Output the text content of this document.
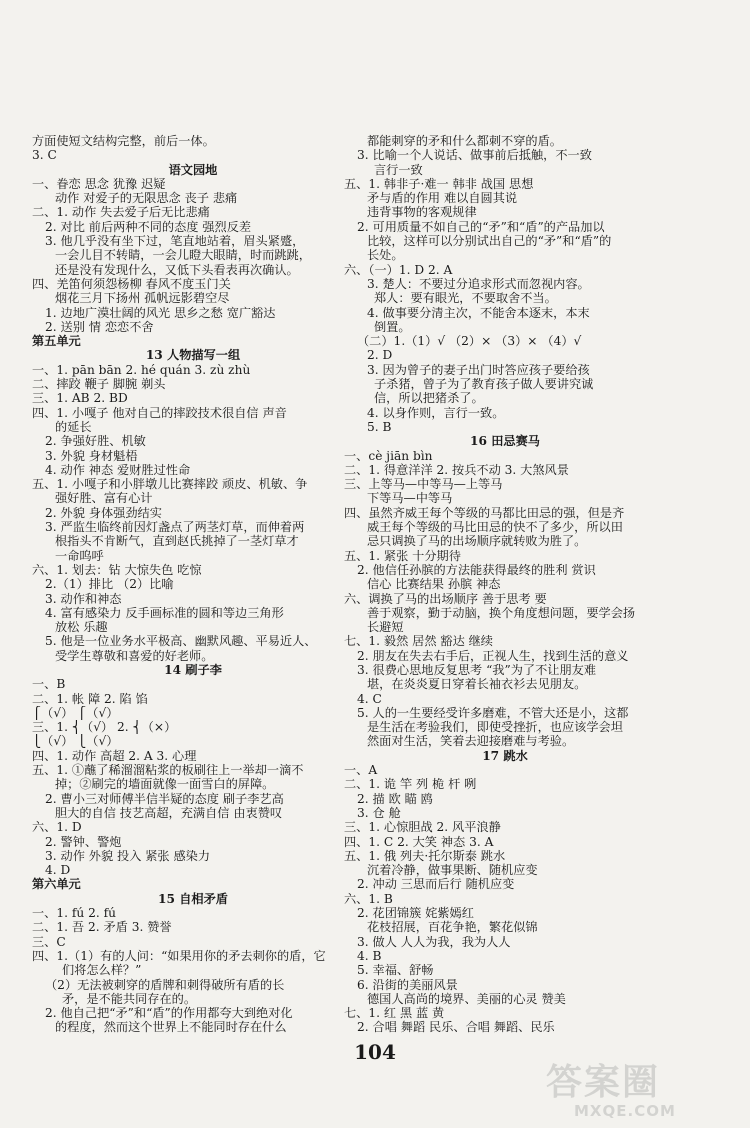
方面使短文结构完整，前后一体。
3. C
语文园地
一、眷恋 思念 犹豫 迟疑
动作 对爱子的无限思念 丧子 悲痛
二、1. 动作 失去爱子后无比悲痛
2. 对比 前后两种不同的态度 强烈反差
3. 他几乎没有坐下过，笔直地站着，眉头紧蹙，
一会儿目不转睛，一会儿瞪大眼睛，时而跳跳，
还是没有发现什么，又低下头看表再次确认。
四、羌笛何须怨杨柳 春风不度玉门关
烟花三月下扬州 孤帆远影碧空尽
1. 边地广漠壮阔的风光 思乡之愁 宽广豁达
2. 送别 情 恋恋不舍
第五单元
13 人物描写一组
一、1. pān bān 2. hé quán 3. zù zhù
二、摔跤 鞭子 脚腕 剃头
三、1. AB 2. BD
四、1. 小嘎子 他对自己的摔跤技术很自信 声音
的延长
2. 争强好胜、机敏
3. 外貌 身材魁梧
4. 动作 神态 爱财胜过性命
五、1. 小嘎子和小胖墩儿比赛摔跤 顽皮、机敏、争
强好胜、富有心计
2. 外貌 身体强劲结实
3. 严监生临终前因灯盏点了两茎灯草，而伸着两
根指头不肯断气，直到赵氏挑掉了一茎灯草才
一命呜呼
六、1. 划去：钻 大惊失色 吃惊
2.（1）排比 （2）比喻
3. 动作和神态
4. 富有感染力 反手画标准的圆和等边三角形
放松 乐趣
5. 他是一位业务水平极高、幽默风趣、平易近人、
受学生尊敬和喜爱的好老师。
14 刷子李
一、B
二、1. 帐 障 2. 陷 馅
⎧（√） ⎧（√）
三、1. ⎨（√） 2. ⎨（×）
⎩（√） ⎩（√）
四、1. 动作 高超 2. A 3. 心理
五、1. ①蘸了稀溜溜粘浆的板刷往上一举却一滴不
掉；②刷完的墙面就像一面雪白的屏障。
2. 曹小三对师傅半信半疑的态度 刷子李艺高
胆大的自信 技艺高超，充满自信 由衷赞叹
六、1. D
2. 警钟、警炮
3. 动作 外貌 投入 紧张 感染力
4. D
第六单元
15 自相矛盾
一、1. fú 2. fú
二、1. 吾 2. 矛盾 3. 赞誉
三、C
四、1.（1）有的人问：“如果用你的矛去刺你的盾，它
们将怎么样？”
（2）无法被刺穿的盾牌和刺得破所有盾的长
矛，是不能共同存在的。
2. 他自己把“矛”和“盾”的作用都夸大到绝对化
的程度，然而这个世界上不能同时存在什么
都能刺穿的矛和什么都刺不穿的盾。
3. 比喻一个人说话、做事前后抵触，不一致
言行一致
五、1. 韩非子·难一 韩非 战国 思想
矛与盾的作用 难以自圆其说
违背事物的客观规律
2. 可用质量不如自己的“矛”和“盾”的产品加以
比较，这样可以分别试出自己的“矛”和“盾”的
长处。
六、（一）1. D 2. A
3. 楚人：不要过分追求形式而忽视内容。
郑人：要有眼光，不要取舍不当。
4. 做事要分清主次，不能舍本逐末，本末
倒置。
（二）1.（1）√ （2）× （3）× （4）√
2. D
3. 因为曾子的妻子出门时答应孩子要给孩
子杀猪，曾子为了教育孩子做人要讲究诚
信，所以把猪杀了。
4. 以身作则，言行一致。
5. B
16 田忌赛马
一、cè jiān bìn
二、1. 得意洋洋 2. 按兵不动 3. 大煞风景
三、上等马—中等马—上等马
下等马—中等马
四、虽然齐威王每个等级的马都比田忌的强，但是齐
威王每个等级的马比田忌的快不了多少，所以田
忌只调换了马的出场顺序就转败为胜了。
五、1. 紧张 十分期待
2. 他信任孙膑的方法能获得最终的胜利 赏识
信心 比赛结果 孙膑 神态
六、调换了马的出场顺序 善于思考 要
善于观察，勤于动脑，换个角度想问题，要学会扬
长避短
七、1. 毅然 居然 豁达 继续
2. 朋友在失去右手后，正视人生，找到生活的意义
3. 很费心思地反复思考 “我”为了不让朋友难
堪，在炎炎夏日穿着长袖衣衫去见朋友。
4. C
5. 人的一生要经受许多磨难，不管大还是小，这都
是生活在考验我们，即使受挫折，也应该学会坦
然面对生活，笑着去迎接磨难与考验。
17 跳水
一、A
二、1. 诡 竿 列 桅 杆 咧
2. 描 欧 瞄 鸥
3. 仓 舱
三、1. 心惊胆战 2. 风平浪静
四、1. C 2. 大笑 神态 3. A
五、1. 俄 列夫·托尔斯泰 跳水
沉着冷静，做事果断、随机应变
2. 冲动 三思而后行 随机应变
六、1. B
2. 花团锦簇 姹紫嫣红
花枝招展，百花争艳，繁花似锦
3. 做人 人人为我，我为人人
4. B
5. 幸福、舒畅
6. 沿街的美丽风景
德国人高尚的境界、美丽的心灵 赞美
七、1. 红 黑 蓝 黄
2. 合唱 舞蹈 民乐、合唱 舞蹈、民乐
104
答案圈
MXQE.COM
